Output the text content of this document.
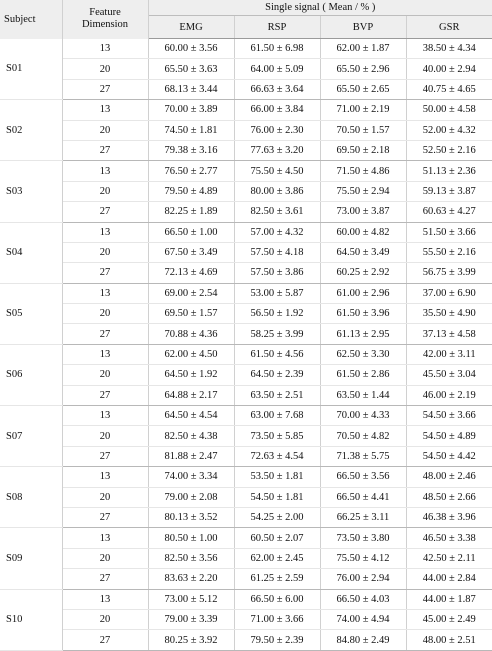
Subject	Feature
Dimension	Single signal ( Mean / % )			
		EMG	RSP	BVP	GSR
S01	13	60.00 ± 3.56	61.50 ± 6.98	62.00 ± 1.87	38.50 ± 4.34
	20	65.50 ± 3.63	64.00 ± 5.09	65.50 ± 2.96	40.00 ± 2.94
	27	68.13 ± 3.44	66.63 ± 3.64	65.50 ± 2.65	40.75 ± 4.65
S02	13	70.00 ± 3.89	66.00 ± 3.84	71.00 ± 2.19	50.00 ± 4.58
	20	74.50 ± 1.81	76.00 ± 2.30	70.50 ± 1.57	52.00 ± 4.32
	27	79.38 ± 3.16	77.63 ± 3.20	69.50 ± 2.18	52.50 ± 2.16
S03	13	76.50 ± 2.77	75.50 ± 4.50	71.50 ± 4.86	51.13 ± 2.36
	20	79.50 ± 4.89	80.00 ± 3.86	75.50 ± 2.94	59.13 ± 3.87
	27	82.25 ± 1.89	82.50 ± 3.61	73.00 ± 3.87	60.63 ± 4.27
S04	13	66.50 ± 1.00	57.00 ± 4.32	60.00 ± 4.82	51.50 ± 3.66
	20	67.50 ± 3.49	57.50 ± 4.18	64.50 ± 3.49	55.50 ± 2.16
	27	72.13 ± 4.69	57.50 ± 3.86	60.25 ± 2.92	56.75 ± 3.99
S05	13	69.00 ± 2.54	53.00 ± 5.87	61.00 ± 2.96	37.00 ± 6.90
	20	69.50 ± 1.57	56.50 ± 1.92	61.50 ± 3.96	35.50 ± 4.90
	27	70.88 ± 4.36	58.25 ± 3.99	61.13 ± 2.95	37.13 ± 4.58
S06	13	62.00 ± 4.50	61.50 ± 4.56	62.50 ± 3.30	42.00 ± 3.11
	20	64.50 ± 1.92	64.50 ± 2.39	61.50 ± 2.86	45.50 ± 3.04
	27	64.88 ± 2.17	63.50 ± 2.51	63.50 ± 1.44	46.00 ± 2.19
S07	13	64.50 ± 4.54	63.00 ± 7.68	70.00 ± 4.33	54.50 ± 3.66
	20	82.50 ± 4.38	73.50 ± 5.85	70.50 ± 4.82	54.50 ± 4.89
	27	81.88 ± 2.47	72.63 ± 4.54	71.38 ± 5.75	54.50 ± 4.42
S08	13	74.00 ± 3.34	53.50 ± 1.81	66.50 ± 3.56	48.00 ± 2.46
	20	79.00 ± 2.08	54.50 ± 1.81	66.50 ± 4.41	48.50 ± 2.66
	27	80.13 ± 3.52	54.25 ± 2.00	66.25 ± 3.11	46.38 ± 3.96
S09	13	80.50 ± 1.00	60.50 ± 2.07	73.50 ± 3.80	46.50 ± 3.38
	20	82.50 ± 3.56	62.00 ± 2.45	75.50 ± 4.12	42.50 ± 2.11
	27	83.63 ± 2.20	61.25 ± 2.59	76.00 ± 2.94	44.00 ± 2.84
S10	13	73.00 ± 5.12	66.50 ± 6.00	66.50 ± 4.03	44.00 ± 1.87
	20	79.00 ± 3.39	71.00 ± 3.66	74.00 ± 4.94	45.00 ± 2.49
	27	80.25 ± 3.92	79.50 ± 2.39	84.80 ± 2.49	48.00 ± 2.51
